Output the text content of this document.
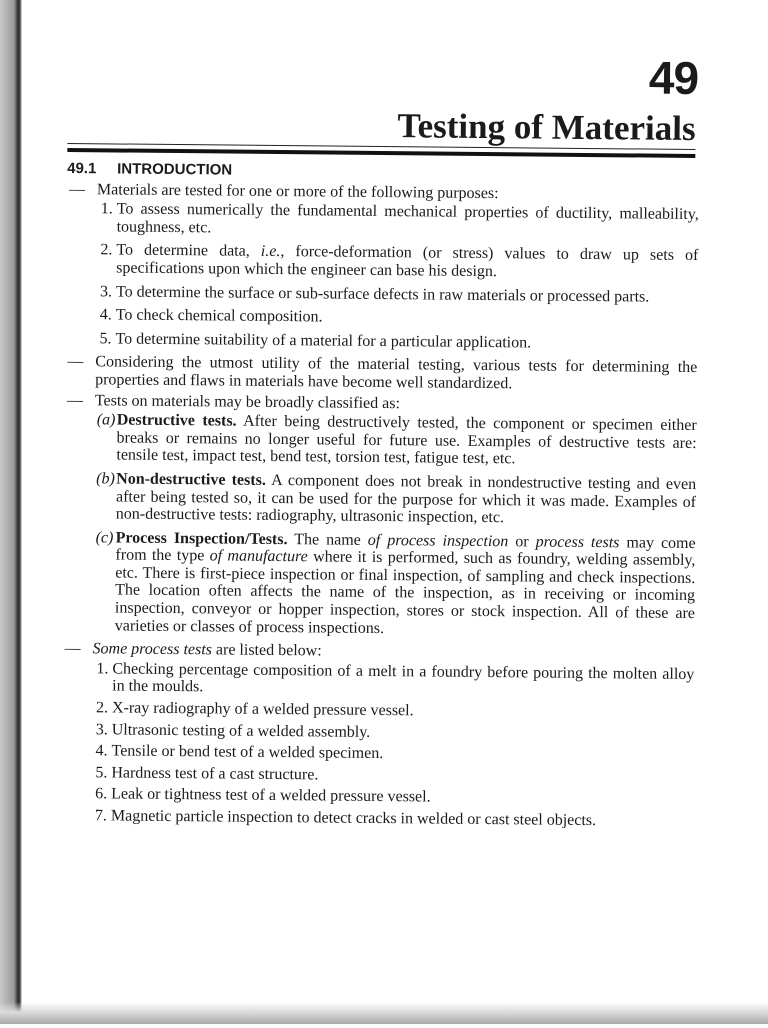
49
Testing of Materials
49.1 INTRODUCTION
— Materials are tested for one or more of the following purposes:
1. To assess numerically the fundamental mechanical properties of ductility, malleability, toughness, etc.
2. To determine data, i.e., force-deformation (or stress) values to draw up sets of specifications upon which the engineer can base his design.
3. To determine the surface or sub-surface defects in raw materials or processed parts.
4. To check chemical composition.
5. To determine suitability of a material for a particular application.
— Considering the utmost utility of the material testing, various tests for determining the properties and flaws in materials have become well standardized.
— Tests on materials may be broadly classified as:
(a) Destructive tests. After being destructively tested, the component or specimen either breaks or remains no longer useful for future use. Examples of destructive tests are: tensile test, impact test, bend test, torsion test, fatigue test, etc.
(b) Non-destructive tests. A component does not break in nondestructive testing and even after being tested so, it can be used for the purpose for which it was made. Examples of non-destructive tests: radiography, ultrasonic inspection, etc.
(c) Process Inspection/Tests. The name of process inspection or process tests may come from the type of manufacture where it is performed, such as foundry, welding assembly, etc. There is first-piece inspection or final inspection, of sampling and check inspections. The location often affects the name of the inspection, as in receiving or incoming inspection, conveyor or hopper inspection, stores or stock inspection. All of these are varieties or classes of process inspections.
— Some process tests are listed below:
1. Checking percentage composition of a melt in a foundry before pouring the molten alloy in the moulds.
2. X-ray radiography of a welded pressure vessel.
3. Ultrasonic testing of a welded assembly.
4. Tensile or bend test of a welded specimen.
5. Hardness test of a cast structure.
6. Leak or tightness test of a welded pressure vessel.
7. Magnetic particle inspection to detect cracks in welded or cast steel objects.
